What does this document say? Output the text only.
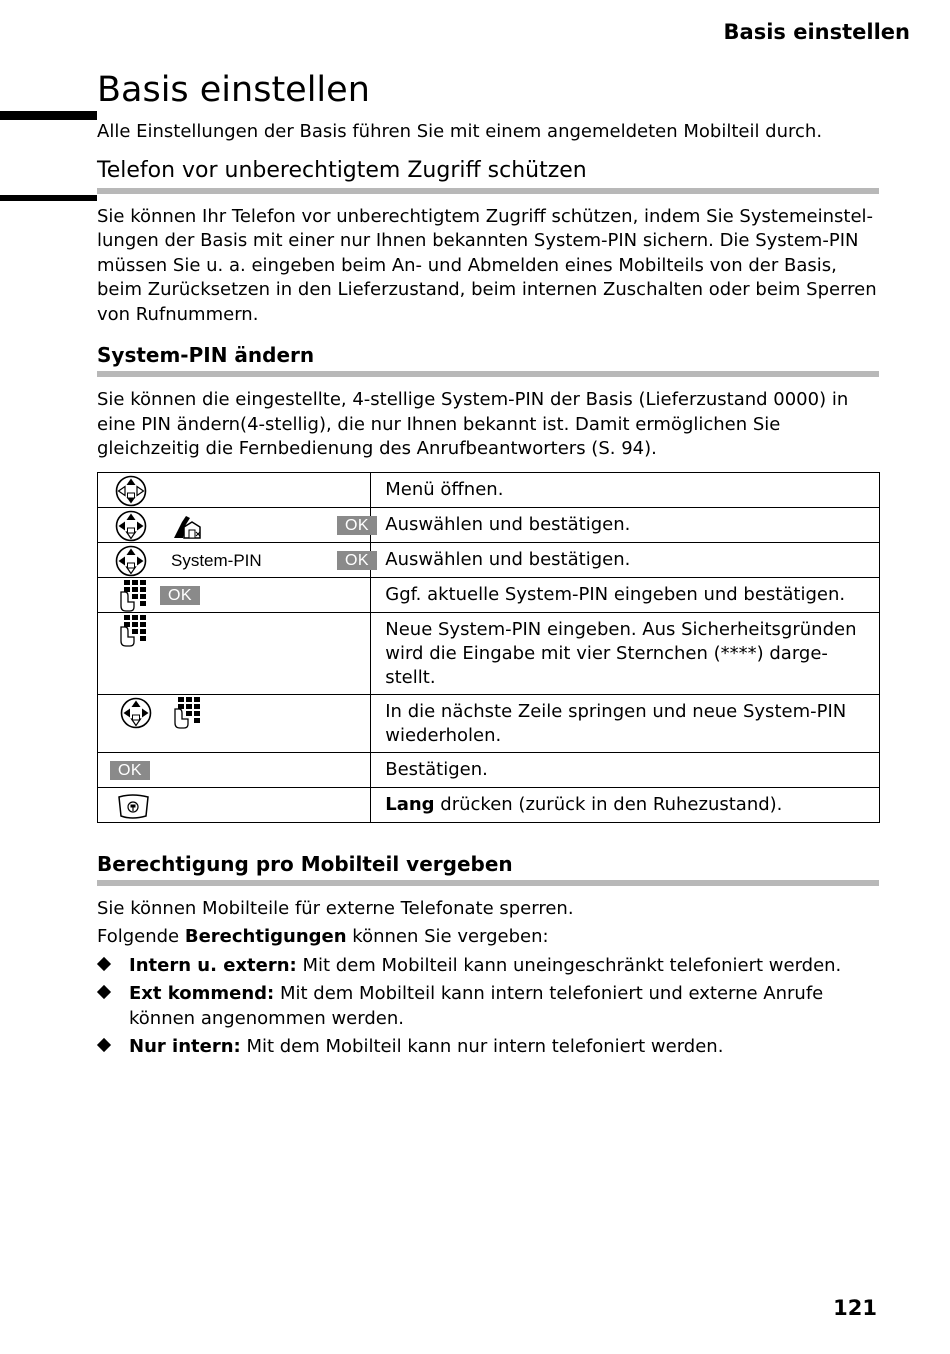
Basis einstellen
Basis einstellen

Alle Einstellungen der Basis führen Sie mit einem angemeldeten Mobilteil durch.

Telefon vor unberechtigtem Zugriff schützen

Sie können Ihr Telefon vor unberechtigtem Zugriff schützen, indem Sie Systemeinstel-lungen der Basis mit einer nur Ihnen bekannten System-PIN sichern. Die System-PIN müssen Sie u. a. eingeben beim An- und Abmelden eines Mobilteils von der Basis, beim Zurücksetzen in den Lieferzustand, beim internen Zuschalten oder beim Sperren von Rufnummern.

System-PIN ändern

Sie können die eingestellte, 4-stellige System-PIN der Basis (Lieferzustand 0000) in eine PIN ändern(4-stellig), die nur Ihnen bekannt ist. Damit ermöglichen Sie gleichzeitig die Fernbedienung des Anrufbeantworters (S. 94).

	Menü öffnen.

OK	Auswählen und bestätigen.

System-PIN OK	Auswählen und bestätigen.

OK	Ggf. aktuelle System-PIN eingeben und bestätigen.

	Neue System-PIN eingeben. Aus Sicherheitsgründen wird die Eingabe mit vier Sternchen (****) darge-stellt.

	In die nächste Zeile springen und neue System-PIN wiederholen.

OK	Bestätigen.

	Lang drücken (zurück in den Ruhezustand).
Berechtigung pro Mobilteil vergeben

Sie können Mobilteile für externe Telefonate sperren.

Folgende Berechtigungen können Sie vergeben:

Intern u. extern: Mit dem Mobilteil kann uneingeschränkt telefoniert werden.
Ext kommend: Mit dem Mobilteil kann intern telefoniert und externe Anrufe können angenommen werden.
Nur intern: Mit dem Mobilteil kann nur intern telefoniert werden.
121
